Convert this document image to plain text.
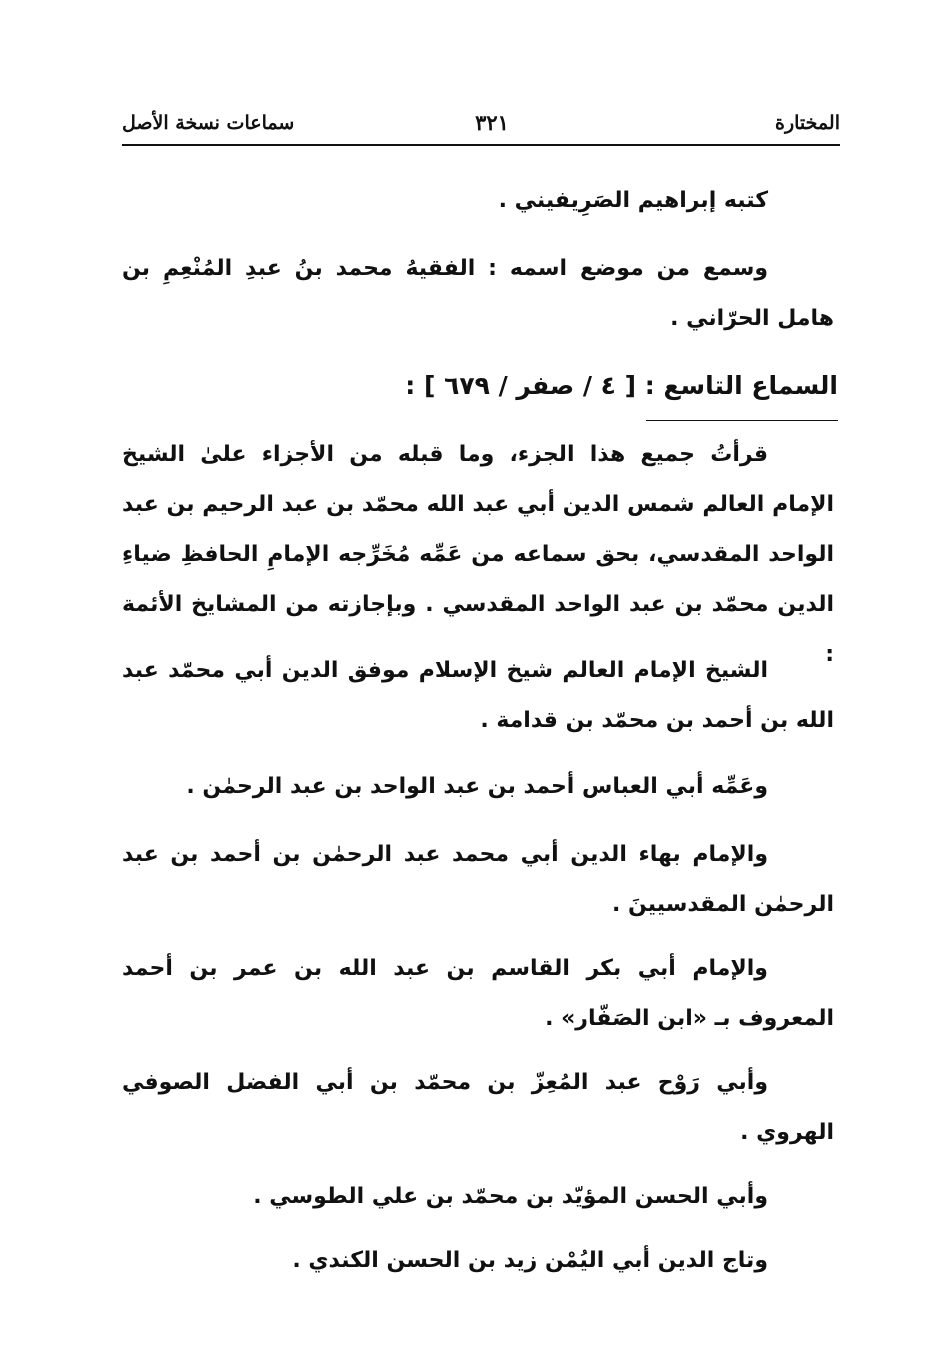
المختارة
٣٢١
سماعات نسخة الأصل

كتبه إبراهيم الصَرِيفيني .

وسمع من موضع اسمه : الفقيهُ محمد بنُ عبدِ المُنْعِمِ بن هامل الحرّاني .

السماع التاسع : [ ٤ / صفر / ٦٧٩ ] :

قرأتُ جميع هذا الجزء، وما قبله من الأجزاء علىٰ الشيخ الإمام العالم شمس الدين أبي عبد الله محمّد بن عبد الرحيم بن عبد الواحد المقدسي، بحق سماعه من عَمِّه مُخَرِّجه الإمامِ الحافظِ ضياءِ الدين محمّد بن عبد الواحد المقدسي . وبإجازته من المشايخ الأئمة :

الشيخ الإمام العالم شيخ الإسلام موفق الدين أبي محمّد عبد الله بن أحمد بن محمّد بن قدامة .

وعَمِّه أبي العباس أحمد بن عبد الواحد بن عبد الرحمٰن .

والإمام بهاء الدين أبي محمد عبد الرحمٰن بن أحمد بن عبد الرحمٰن المقدسيينَ .

والإمام أبي بكر القاسم بن عبد الله بن عمر بن أحمد المعروف بـ «ابن الصَفّار» .

وأبي رَوْح عبد المُعِزّ بن محمّد بن أبي الفضل الصوفي الهروي .

وأبي الحسن المؤيّد بن محمّد بن علي الطوسي .

وتاج الدين أبي اليُمْن زيد بن الحسن الكندي .
